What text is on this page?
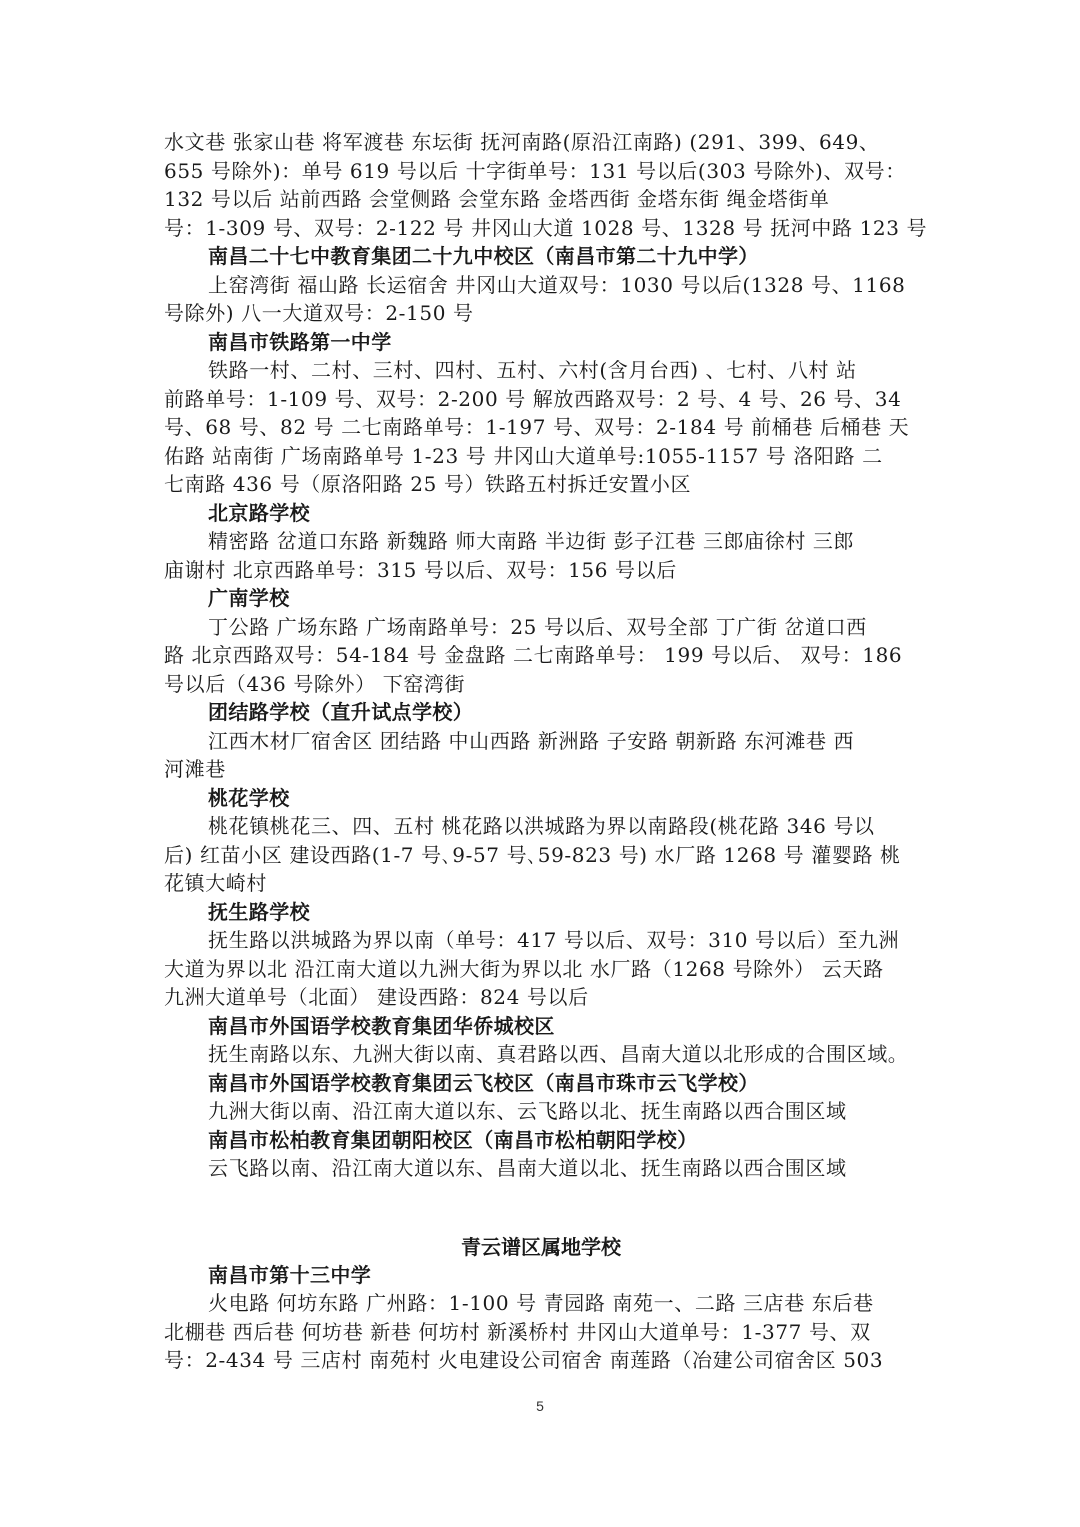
水文巷 张家山巷 将军渡巷 东坛街 抚河南路(原沿江南路) (291、399、649、
655 号除外)：单号 619 号以后 十字街单号：131 号以后(303 号除外)、双号：
132 号以后 站前西路 会堂侧路 会堂东路 金塔西街 金塔东街 绳金塔街单
号：1-309 号、双号：2-122 号 井冈山大道 1028 号、1328 号 抚河中路 123 号
南昌二十七中教育集团二十九中校区（南昌市第二十九中学）
上窑湾街 福山路 长运宿舍 井冈山大道双号：1030 号以后(1328 号、1168
号除外) 八一大道双号：2-150 号
南昌市铁路第一中学
铁路一村、二村、三村、四村、五村、六村(含月台西) 、七村、八村 站
前路单号：1-109 号、双号：2-200 号 解放西路双号：2 号、4 号、26 号、34
号、68 号、82 号 二七南路单号：1-197 号、双号：2-184 号 前桶巷 后桶巷 天
佑路 站南街 广场南路单号 1-23 号 井冈山大道单号:1055-1157 号 洛阳路 二
七南路 436 号（原洛阳路 25 号）铁路五村拆迁安置小区
北京路学校
精密路 岔道口东路 新魏路 师大南路 半边街 彭子江巷 三郎庙徐村 三郎
庙谢村 北京西路单号：315 号以后、双号：156 号以后
广南学校
丁公路 广场东路 广场南路单号：25 号以后、双号全部 丁广街 岔道口西
路 北京西路双号：54-184 号 金盘路 二七南路单号： 199 号以后、 双号：186
号以后（436 号除外） 下窑湾街
团结路学校（直升试点学校）
江西木材厂宿舍区 团结路 中山西路 新洲路 子安路 朝新路 东河滩巷 西
河滩巷
桃花学校
桃花镇桃花三、四、五村 桃花路以洪城路为界以南路段(桃花路 346 号以
后) 红苗小区 建设西路(1-7 号､9-57 号､59-823 号) 水厂路 1268 号 灌婴路 桃
花镇大崎村
抚生路学校
抚生路以洪城路为界以南（单号：417 号以后、双号：310 号以后）至九洲
大道为界以北 沿江南大道以九洲大街为界以北 水厂路（1268 号除外） 云天路
九洲大道单号（北面） 建设西路：824 号以后
南昌市外国语学校教育集团华侨城校区
抚生南路以东、九洲大街以南、真君路以西、昌南大道以北形成的合围区域。
南昌市外国语学校教育集团云飞校区（南昌市珠市云飞学校）
九洲大街以南、沿江南大道以东、云飞路以北、抚生南路以西合围区域
南昌市松柏教育集团朝阳校区（南昌市松柏朝阳学校）
云飞路以南、沿江南大道以东、昌南大道以北、抚生南路以西合围区域
青云谱区属地学校
南昌市第十三中学
火电路 何坊东路 广州路：1-100 号 青园路 南苑一、二路 三店巷 东后巷
北棚巷 西后巷 何坊巷 新巷 何坊村 新溪桥村 井冈山大道单号：1-377 号、双
号：2-434 号 三店村 南苑村 火电建设公司宿舍 南莲路（冶建公司宿舍区 503
5
